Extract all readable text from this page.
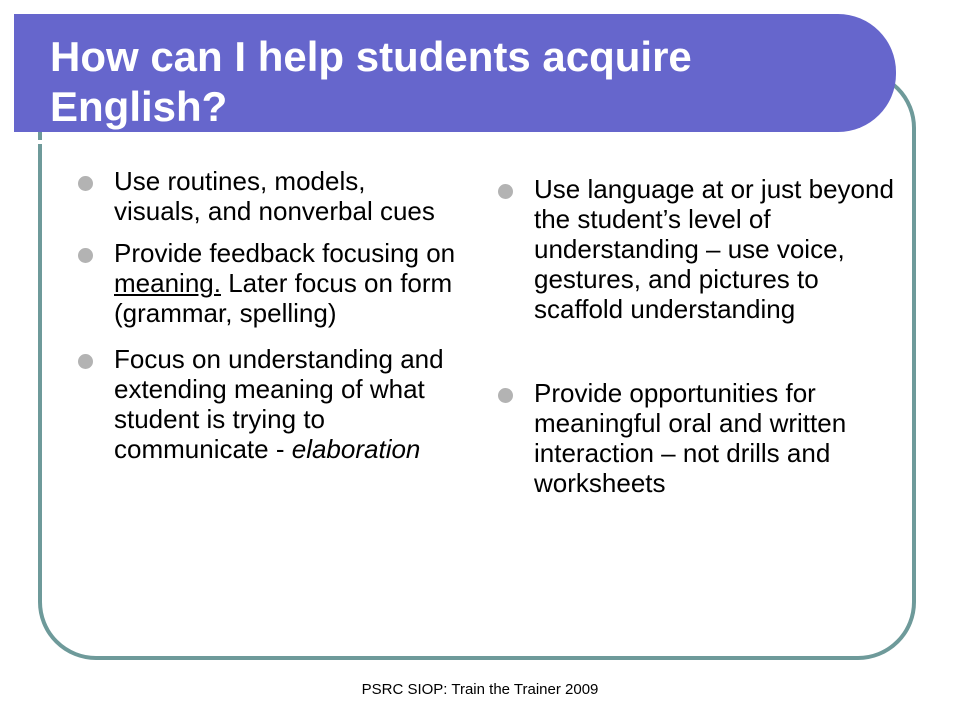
How can I help students acquire English?
Use routines, models, visuals, and nonverbal cues
Provide feedback focusing on meaning. Later focus on form (grammar, spelling)
Focus on understanding and extending meaning of what student is trying to communicate - elaboration
Use language at or just beyond the student’s level of understanding – use voice, gestures, and pictures to scaffold understanding
Provide opportunities for meaningful oral and written interaction – not drills and worksheets
PSRC SIOP: Train the Trainer 2009
